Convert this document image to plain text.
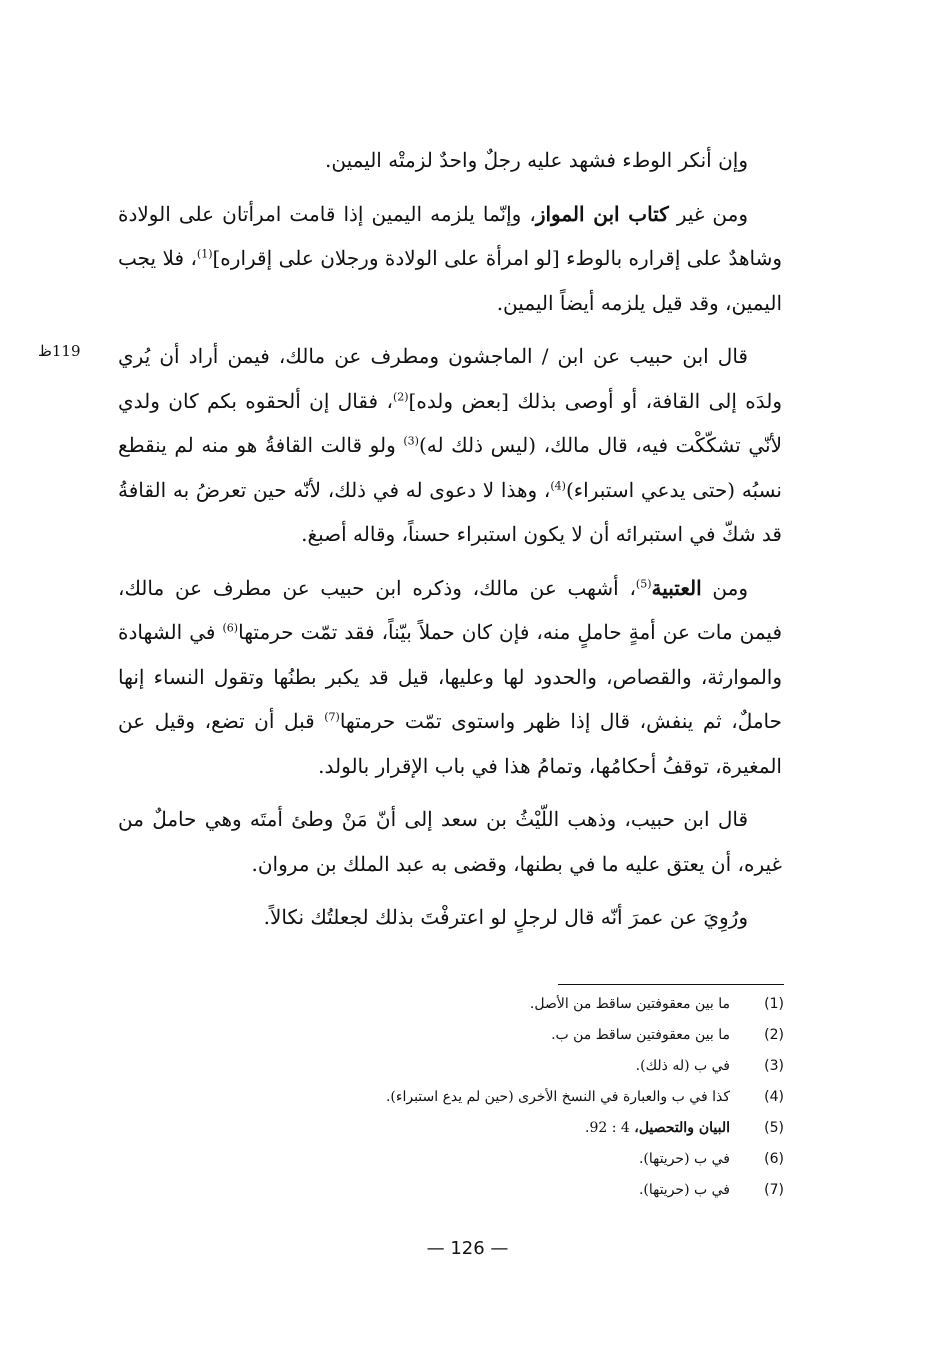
119ظ

وإن أنكر الوطء فشهد عليه رجلٌ واحدٌ لزمتْه اليمين.

ومن غير كتاب ابن المواز، وإنّما يلزمه اليمين إذا قامت امرأتان على الولادة وشاهدٌ على إقراره بالوطء [لو امرأة على الولادة ورجلان على إقراره]$^{(1)}$، فلا يجب اليمين، وقد قيل يلزمه أيضاً اليمين.

قال ابن حبيب عن ابن / الماجشون ومطرف عن مالك، فيمن أراد أن يُري ولدَه إلى القافة، أو أوصى بذلك [بعض ولده]$^{(2)}$، فقال إن ألحقوه بكم كان ولدي لأنّي تشكّكْت فيه، قال مالك، (ليس ذلك له)$^{(3)}$ ولو قالت القافةُ هو منه لم ينقطع نسبُه (حتى يدعي استبراء)$^{(4)}$، وهذا لا دعوى له في ذلك، لأنّه حين تعرضُ به القافةُ قد شكّ في استبرائه أن لا يكون استبراء حسناً، وقاله أصبغ.

ومن العتبية$^{(5)}$، أشهب عن مالك، وذكره ابن حبيب عن مطرف عن مالك، فيمن مات عن أمةٍ حاملٍ منه، فإن كان حملاً بيّناً، فقد تمّت حرمتها$^{(6)}$ في الشهادة والموارثة، والقصاص، والحدود لها وعليها، قيل قد يكبر بطنُها وتقول النساء إنها حاملٌ، ثم ينفش، قال إذا ظهر واستوى تمّت حرمتها$^{(7)}$ قبل أن تضع، وقيل عن المغيرة، توقفُ أحكامُها، وتمامُ هذا في باب الإقرار بالولد.

قال ابن حبيب، وذهب اللّيْثُ بن سعد إلى أنّ مَنْ وطئ أمتَه وهي حاملٌ من غيره، أن يعتق عليه ما في بطنها، وقضى به عبد الملك بن مروان.

ورُوِيَ عن عمرَ أنّه قال لرجلٍ لو اعترفْتَ بذلك لجعلتُك نكالاً.

(1)
ما بين معقوفتين ساقط من الأصل.
(2)
ما بين معقوفتين ساقط من ب.
(3)
في ب (له ذلك).
(4)
كذا في ب والعبارة في النسخ الأخرى (حين لم يدع استبراء).
(5)
البيان والتحصيل، 4 : 92.
(6)
في ب (حريتها).
(7)
في ب (حريتها).
— 126 —
